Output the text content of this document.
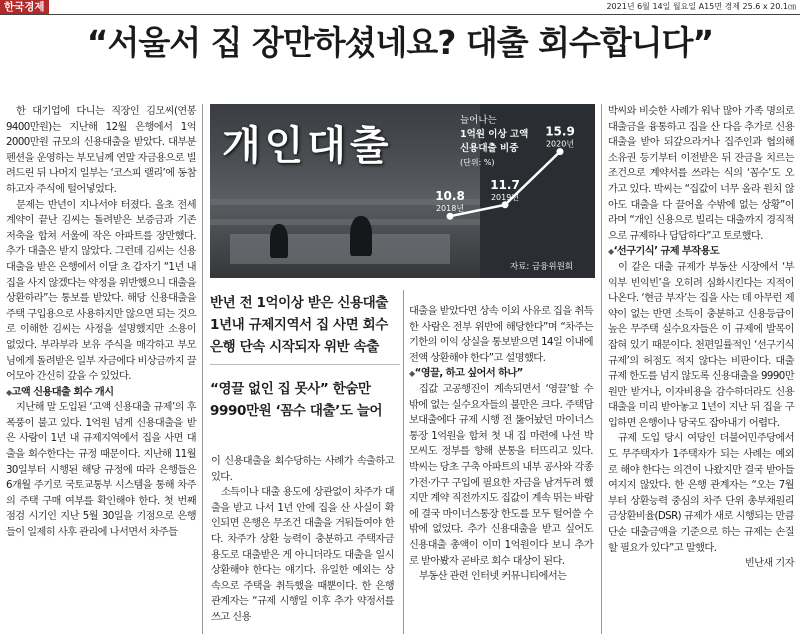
한국경제	2021년 6월 14일 월요일 A15면 경제 25.6 x 20.1㎝
“서울서 집 장만하셨네요? 대출 회수합니다”

한 대기업에 다니는 직장인 김모씨(연봉 9400만원)는 지난해 12월 은행에서 1억 2000만원 규모의 신용대출을 받았다. 대부분 펜션을 운영하는 부모님께 연말 자금용으로 빌려드린 뒤 나머지 일부는 ‘코스피 랠리’에 동참하고자 주식에 털어넣었다.

문제는 반년이 지나서야 터졌다. 올초 전세 계약이 끝난 김씨는 돌려받은 보증금과 기존 저축을 합쳐 서울에 작은 아파트를 장만했다. 추가 대출은 받지 않았다. 그런데 김씨는 신용대출을 받은 은행에서 이달 초 갑자기 “1년 내 집을 사지 않겠다는 약정을 위반했으니 대출을 상환하라”는 통보를 받았다. 해당 신용대출을 주택 구입용으로 사용하지만 않으면 되는 것으로 이해한 김씨는 사정을 설명했지만 소용이 없었다. 부라부라 보유 주식을 매각하고 부모님에게 돌려받은 일부 자금에다 비상금까지 끌어모아 간신히 갚을 수 있었다.

◆고액 신용대출 회수 개시

지난해 말 도입된 ‘고액 신용대출 규제’의 후폭풍이 불고 있다. 1억원 넘게 신용대출을 받은 사람이 1년 내 규제지역에서 집을 사면 대출을 회수한다는 규정 때문이다. 지난해 11월 30일부터 시행된 해당 규정에 따라 은행들은 6개월 주기로 국토교통부 시스템을 통해 차주의 주택 구매 여부를 확인해야 한다. 첫 번째 점검 시기인 지난 5월 30일을 기점으로 은행들이 일제히 사후 관리에 나서면서 차주들

개인대출
늘어나는
1억원 이상 고액
신용대출 비중
(단위: %)
10.8
2018년
11.7
2019년
15.9
2020년
자료: 금융위원회
반년 전 1억이상 받은 신용대출
1년내 규제지역서 집 사면 회수
은행 단속 시작되자 위반 속출
“영끌 없인 집 못사” 한숨만 9990만원 ‘꼼수 대출’도 늘어

이 신용대출을 회수당하는 사례가 속출하고 있다.

소득이나 대출 용도에 상관없이 차주가 대출을 받고 나서 1년 안에 집을 산 사실이 확인되면 은행은 무조건 대출을 거둬들여야 한다. 차주가 상환 능력이 충분하고 주택자금 용도로 대출받은 게 아니더라도 대출을 일시 상환해야 한다는 얘기다. 유일한 예외는 상속으로 주택을 취득했을 때뿐이다. 한 은행 관계자는 “규제 시행일 이후 추가 약정서를 쓰고 신용

대출을 받았다면 상속 이외 사유로 집을 취득한 사람은 전부 위반에 해당한다”며 “차주는 기한의 이익 상실을 통보받으면 14일 이내에 전액 상환해야 한다”고 설명했다.

◆“영끌, 하고 싶어서 하나”

집값 고공행진이 계속되면서 ‘영끌’할 수밖에 없는 실수요자들의 불만은 크다. 주택담보대출에다 규제 시행 전 뚫어놨던 마이너스통장 1억원을 합쳐 첫 내 집 마련에 나선 박모씨도 정부를 향해 분통을 터뜨리고 있다. 박씨는 당초 구축 아파트의 내부 공사와 각종 가전·가구 구입에 필요한 자금을 남겨두려 했지만 계약 직전까지도 집값이 계속 뛰는 바람에 결국 마이너스통장 한도를 모두 털어쓸 수밖에 없었다. 추가 신용대출을 받고 싶어도 신용대출 총액이 이미 1억원이다 보니 추가로 받아봤자 곧바로 회수 대상이 된다.

부동산 관련 인터넷 커뮤니티에서는

박씨와 비슷한 사례가 워낙 많아 가족 명의로 대출금을 융통하고 집을 산 다음 추가로 신용대출을 받아 되갚으라거나 집주인과 협의해 소유권 등기부터 이전받은 뒤 잔금을 치르는 조건으로 계약서를 쓰라는 식의 ‘꼼수’도 오가고 있다. 박씨는 “집값이 너무 올라 원치 않아도 대출을 다 끌어올 수밖에 없는 상황”이라며 “개인 신용으로 빌리는 대출까지 경직적으로 규제하나 답답하다”고 토로했다.

◆‘선구기식’ 규제 부작용도

이 같은 대출 규제가 부동산 시장에서 ‘부익부 빈익빈’을 오히려 심화시킨다는 지적이 나온다. ‘현금 부자’는 집을 사는 데 아무런 제약이 없는 반면 소득이 충분하고 신용등급이 높은 무주택 실수요자들은 이 규제에 발목이 잡혀 있기 때문이다. 천편일률적인 ‘선구기식 규제’의 허점도 적지 않다는 비판이다. 대출 규제 한도를 넘지 않도록 신용대출을 9990만원만 받거나, 이자비용을 감수하더라도 신용대출을 미리 받아놓고 1년이 지난 뒤 집을 구입하면 은행이나 당국도 잡아내기 어렵다.

규제 도입 당시 여당인 더불어민주당에서도 무주택자가 1주택자가 되는 사례는 예외로 해야 한다는 의견이 나왔지만 결국 받아들여지지 않았다. 한 은행 관계자는 “오는 7월부터 상환능력 중심의 차주 단위 총부채원리금상환비율(DSR) 규제가 새로 시행되는 만큼 단순 대출금액을 기준으로 하는 규제는 손질할 필요가 있다”고 말했다.

빈난새 기자
